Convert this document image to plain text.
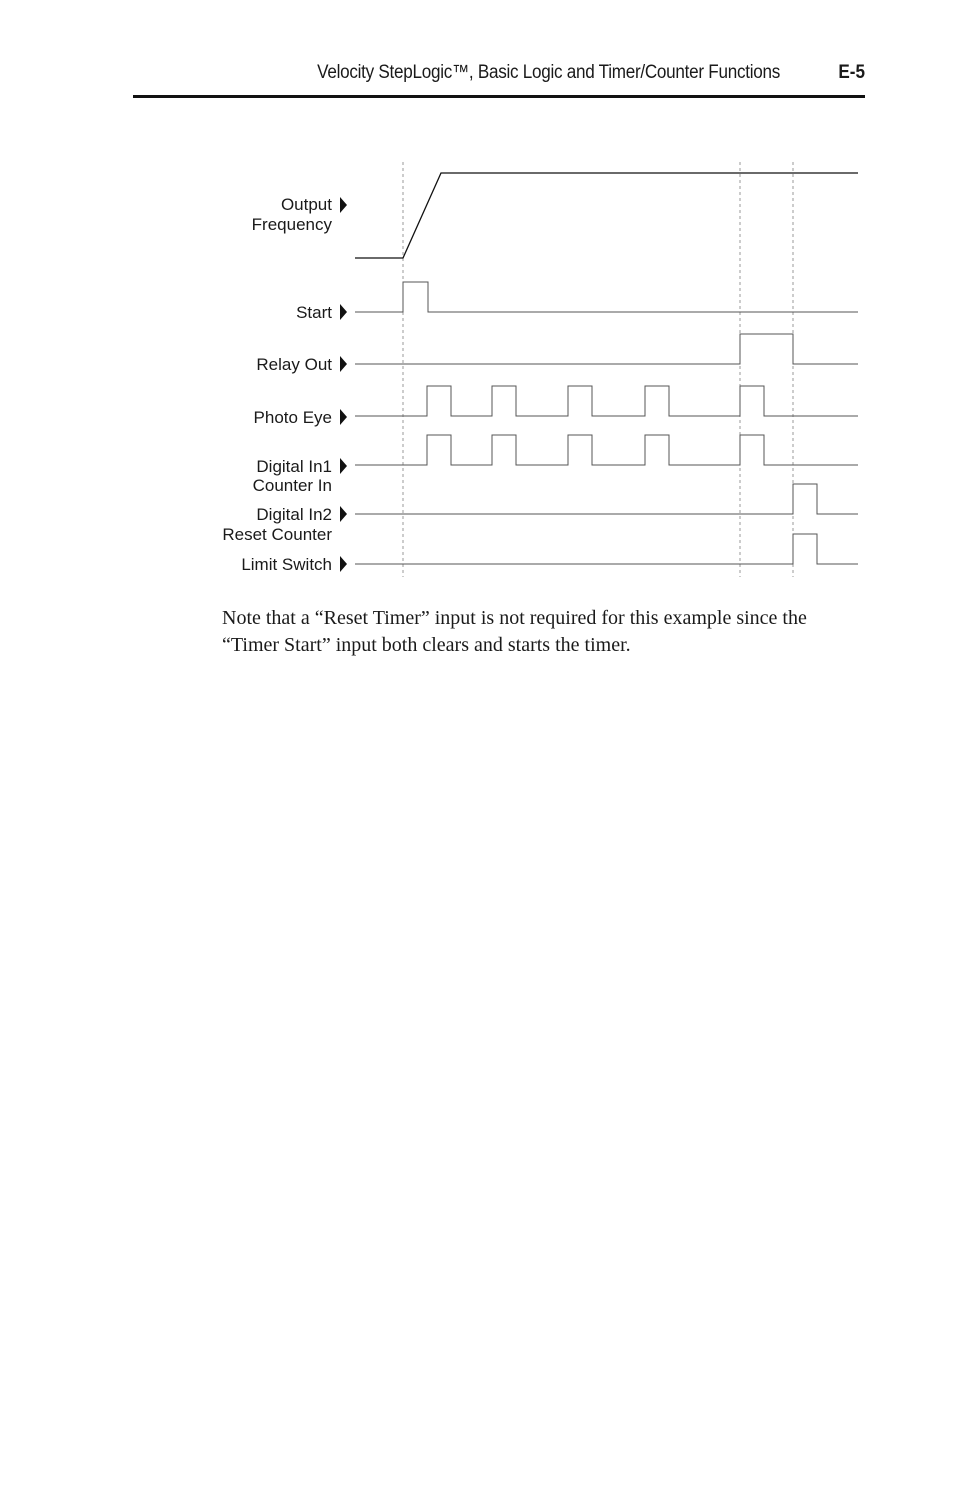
Velocity StepLogic™, Basic Logic and Timer/Counter Functions	E-5
Output
Frequency
Start
Relay Out
Photo Eye
Digital In1
Counter In
Digital In2
Reset Counter
Limit Switch

Note that a “Reset Timer” input is not required for this example since the

“Timer Start” input both clears and starts the timer.
